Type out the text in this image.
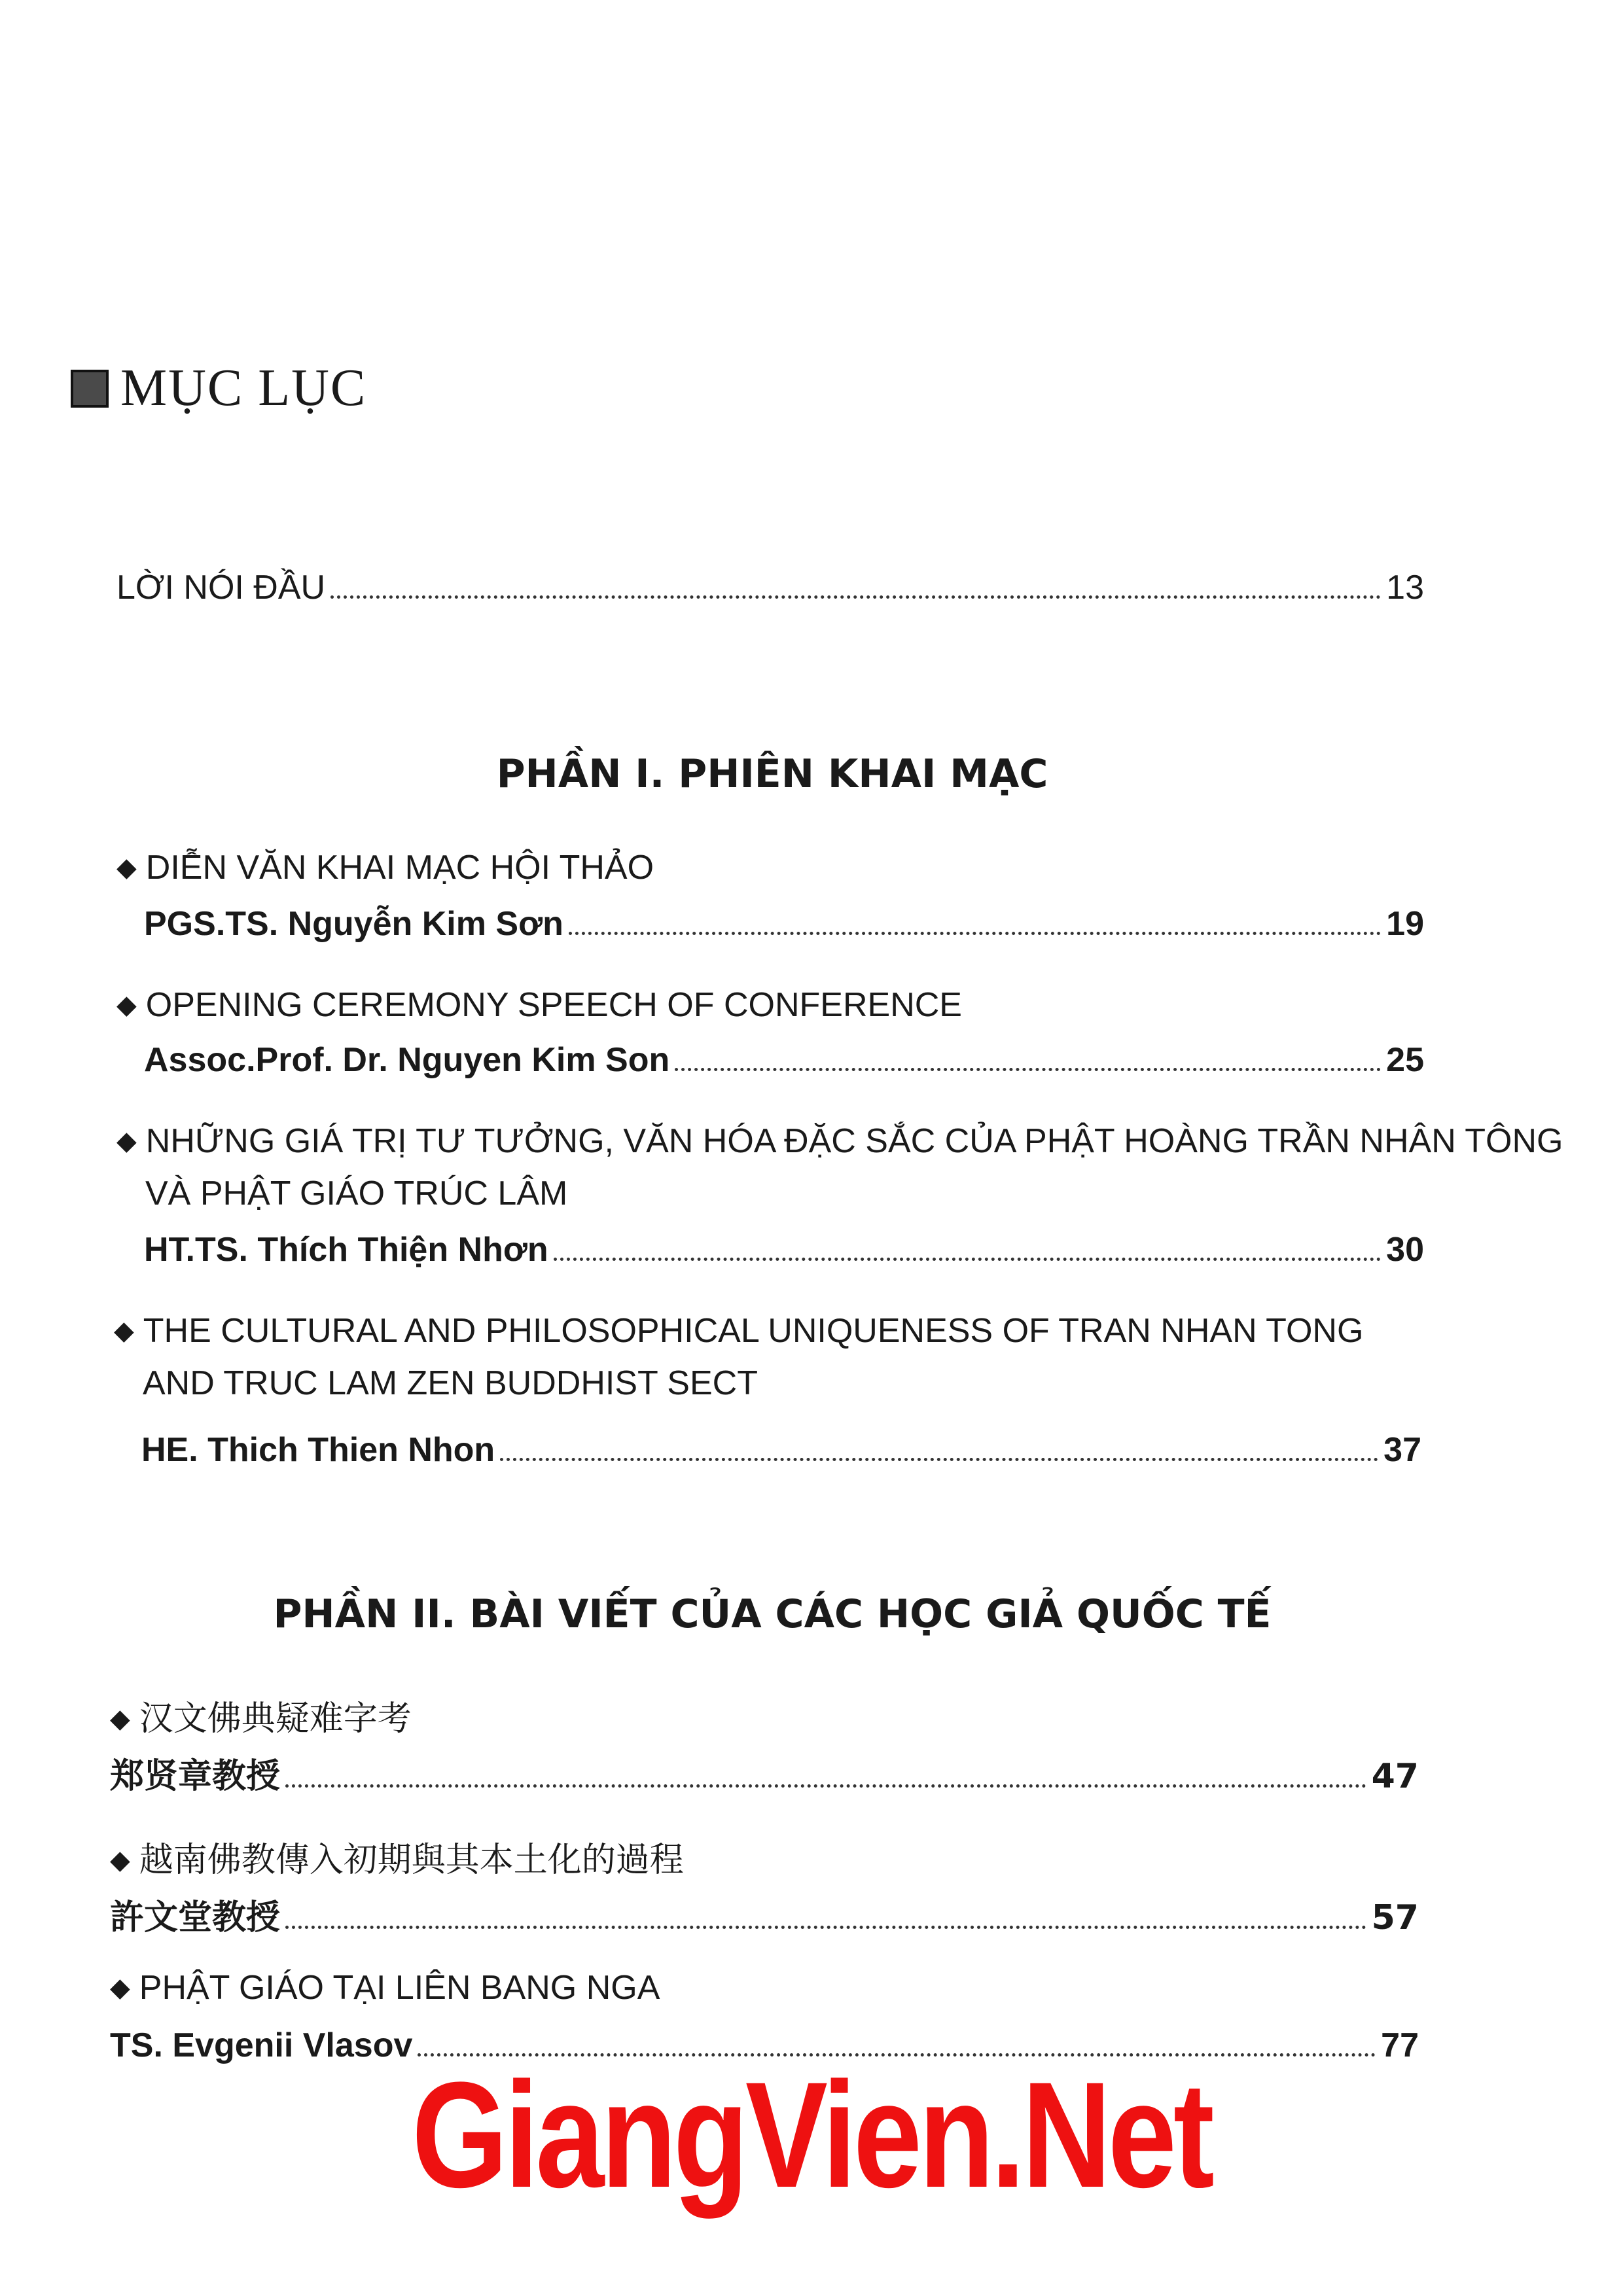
MỤC LỤC
LỜI NÓI ĐẦU	13
PHẦN I. PHIÊN KHAI MẠC
◆ DIỄN VĂN KHAI MẠC HỘI THẢO
PGS.TS. Nguyễn Kim Sơn	19
◆ OPENING CEREMONY SPEECH OF CONFERENCE
Assoc.Prof. Dr. Nguyen Kim Son	25
◆ NHỮNG GIÁ TRỊ TƯ TƯỞNG, VĂN HÓA ĐẶC SẮC CỦA PHẬT HOÀNG TRẦN NHÂN TÔNG
VÀ PHẬT GIÁO TRÚC LÂM
HT.TS. Thích Thiện Nhơn	30
◆ THE CULTURAL AND PHILOSOPHICAL UNIQUENESS OF TRAN NHAN TONG
AND TRUC LAM ZEN BUDDHIST SECT
HE. Thich Thien Nhon	37
PHẦN II. BÀI VIẾT CỦA CÁC HỌC GIẢ QUỐC TẾ
◆ 汉文佛典疑难字考
郑贤章教授	47
◆ 越南佛教傳入初期與其本土化的過程
許文堂教授	57
◆ PHẬT GIÁO TẠI LIÊN BANG NGA
TS. Evgenii Vlasov	77
GiangVien.Net
